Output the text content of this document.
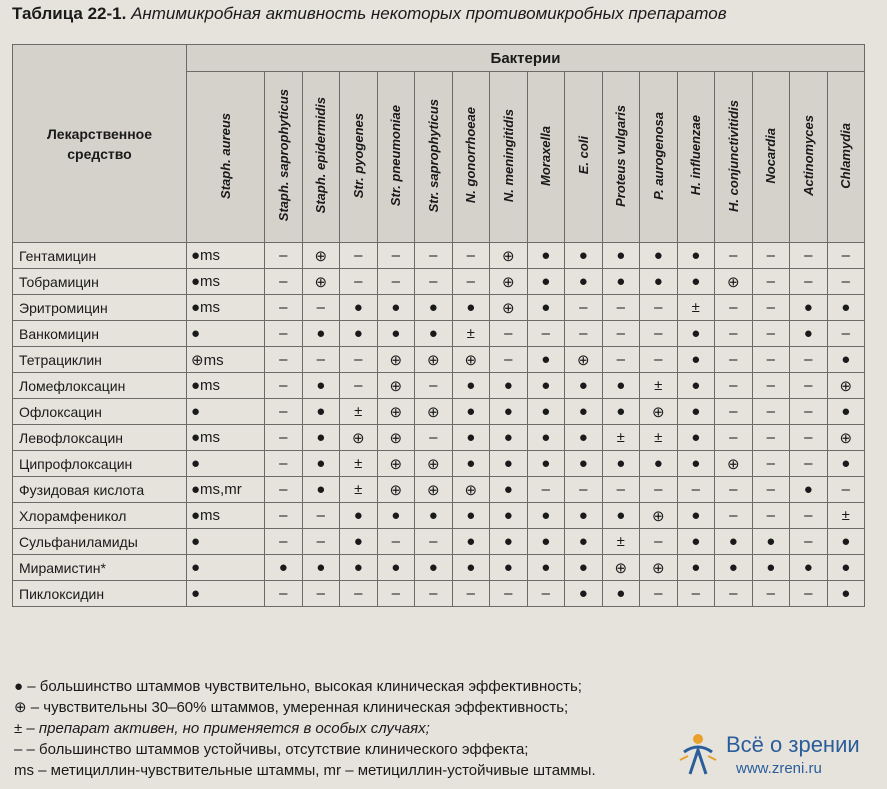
Таблица 22-1. Антимикробная активность некоторых противомикробных препаратов
Лекарственное средство	Бактерии																
	Staph. aureus	Staph. saprophyticus	Staph. epidermidis	Str. pyogenes	Str. pneumoniae	Str. saprophyticus	N. gonorrhoeae	N. meningitidis	Moraxella	E. coli	Proteus vulgaris	P. aurogenosa	H. influenzae	H. conjunctivitidis	Nocardia	Actinomyces	Chlamydia
Гентамицин	●ms	–	⊕	–	–	–	–	⊕	●	●	●	●	●	–	–	–	–
Тобрамицин	●ms	–	⊕	–	–	–	–	⊕	●	●	●	●	●	⊕	–	–	–
Эритромицин	●ms	–	–	●	●	●	●	⊕	●	–	–	–	±	–	–	●	●
Ванкомицин	●	–	●	●	●	●	±	–	–	–	–	–	●	–	–	●	–
Тетрациклин	⊕ms	–	–	–	⊕	⊕	⊕	–	●	⊕	–	–	●	–	–	–	●
Ломефлоксацин	●ms	–	●	–	⊕	–	●	●	●	●	●	±	●	–	–	–	⊕
Офлоксацин	●	–	●	±	⊕	⊕	●	●	●	●	●	⊕	●	–	–	–	●
Левофлоксацин	●ms	–	●	⊕	⊕	–	●	●	●	●	±	±	●	–	–	–	⊕
Ципрофлоксацин	●	–	●	±	⊕	⊕	●	●	●	●	●	●	●	⊕	–	–	●
Фузидовая кислота	●ms,mr	–	●	±	⊕	⊕	⊕	●	–	–	–	–	–	–	–	●	–
Хлорамфеникол	●ms	–	–	●	●	●	●	●	●	●	●	⊕	●	–	–	–	±
Сульфаниламиды	●	–	–	●	–	–	●	●	●	●	±	–	●	●	●	–	●
Мирамистин*	●	●	●	●	●	●	●	●	●	●	⊕	⊕	●	●	●	●	●
Пиклоксидин	●	–	–	–	–	–	–	–	–	●	●	–	–	–	–	–	●
● – большинство штаммов чувствительно, высокая клиническая эффективность;
⊕ – чувствительны 30–60% штаммов, умеренная клиническая эффективность;
± – препарат активен, но применяется в особых случаях;
– – большинство штаммов устойчивы, отсутствие клинического эффекта;
ms – метициллин-чувствительные штаммы, mr – метициллин-устойчивые штаммы.
Всё о зрении
www.zreni.ru
